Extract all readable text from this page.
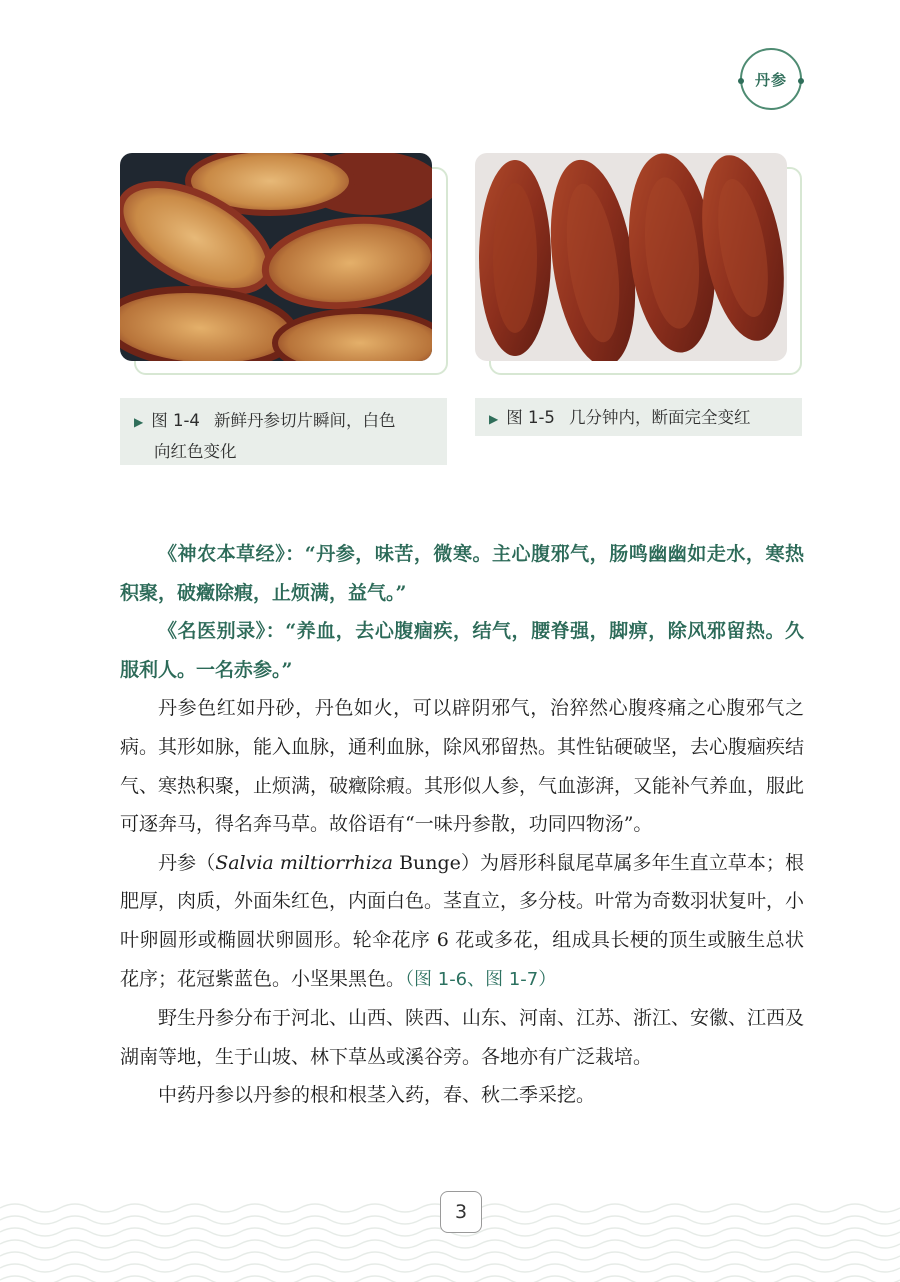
丹参
▶ 图 1-4 新鲜丹参切片瞬间，白色
向红色变化
▶ 图 1-5 几分钟内，断面完全变红

《神农本草经》：“丹参，味苦，微寒。主心腹邪气，肠鸣幽幽如走水，寒热积聚，破癥除瘕，止烦满，益气。”

《名医别录》：“养血，去心腹痼疾，结气，腰脊强，脚痹，除风邪留热。久服利人。一名赤参。”

丹参色红如丹砂，丹色如火，可以辟阴邪气，治猝然心腹疼痛之心腹邪气之病。其形如脉，能入血脉，通利血脉，除风邪留热。其性钻硬破坚，去心腹痼疾结气、寒热积聚，止烦满，破癥除瘕。其形似人参，气血澎湃，又能补气养血，服此可逐奔马，得名奔马草。故俗语有“一味丹参散，功同四物汤”。

丹参（Salvia miltiorrhiza Bunge）为唇形科鼠尾草属多年生直立草本；根肥厚，肉质，外面朱红色，内面白色。茎直立，多分枝。叶常为奇数羽状复叶，小叶卵圆形或椭圆状卵圆形。轮伞花序 6 花或多花，组成具长梗的顶生或腋生总状花序；花冠紫蓝色。小坚果黑色。（图 1-6、图 1-7）

野生丹参分布于河北、山西、陕西、山东、河南、江苏、浙江、安徽、江西及湖南等地，生于山坡、林下草丛或溪谷旁。各地亦有广泛栽培。

中药丹参以丹参的根和根茎入药，春、秋二季采挖。

3
